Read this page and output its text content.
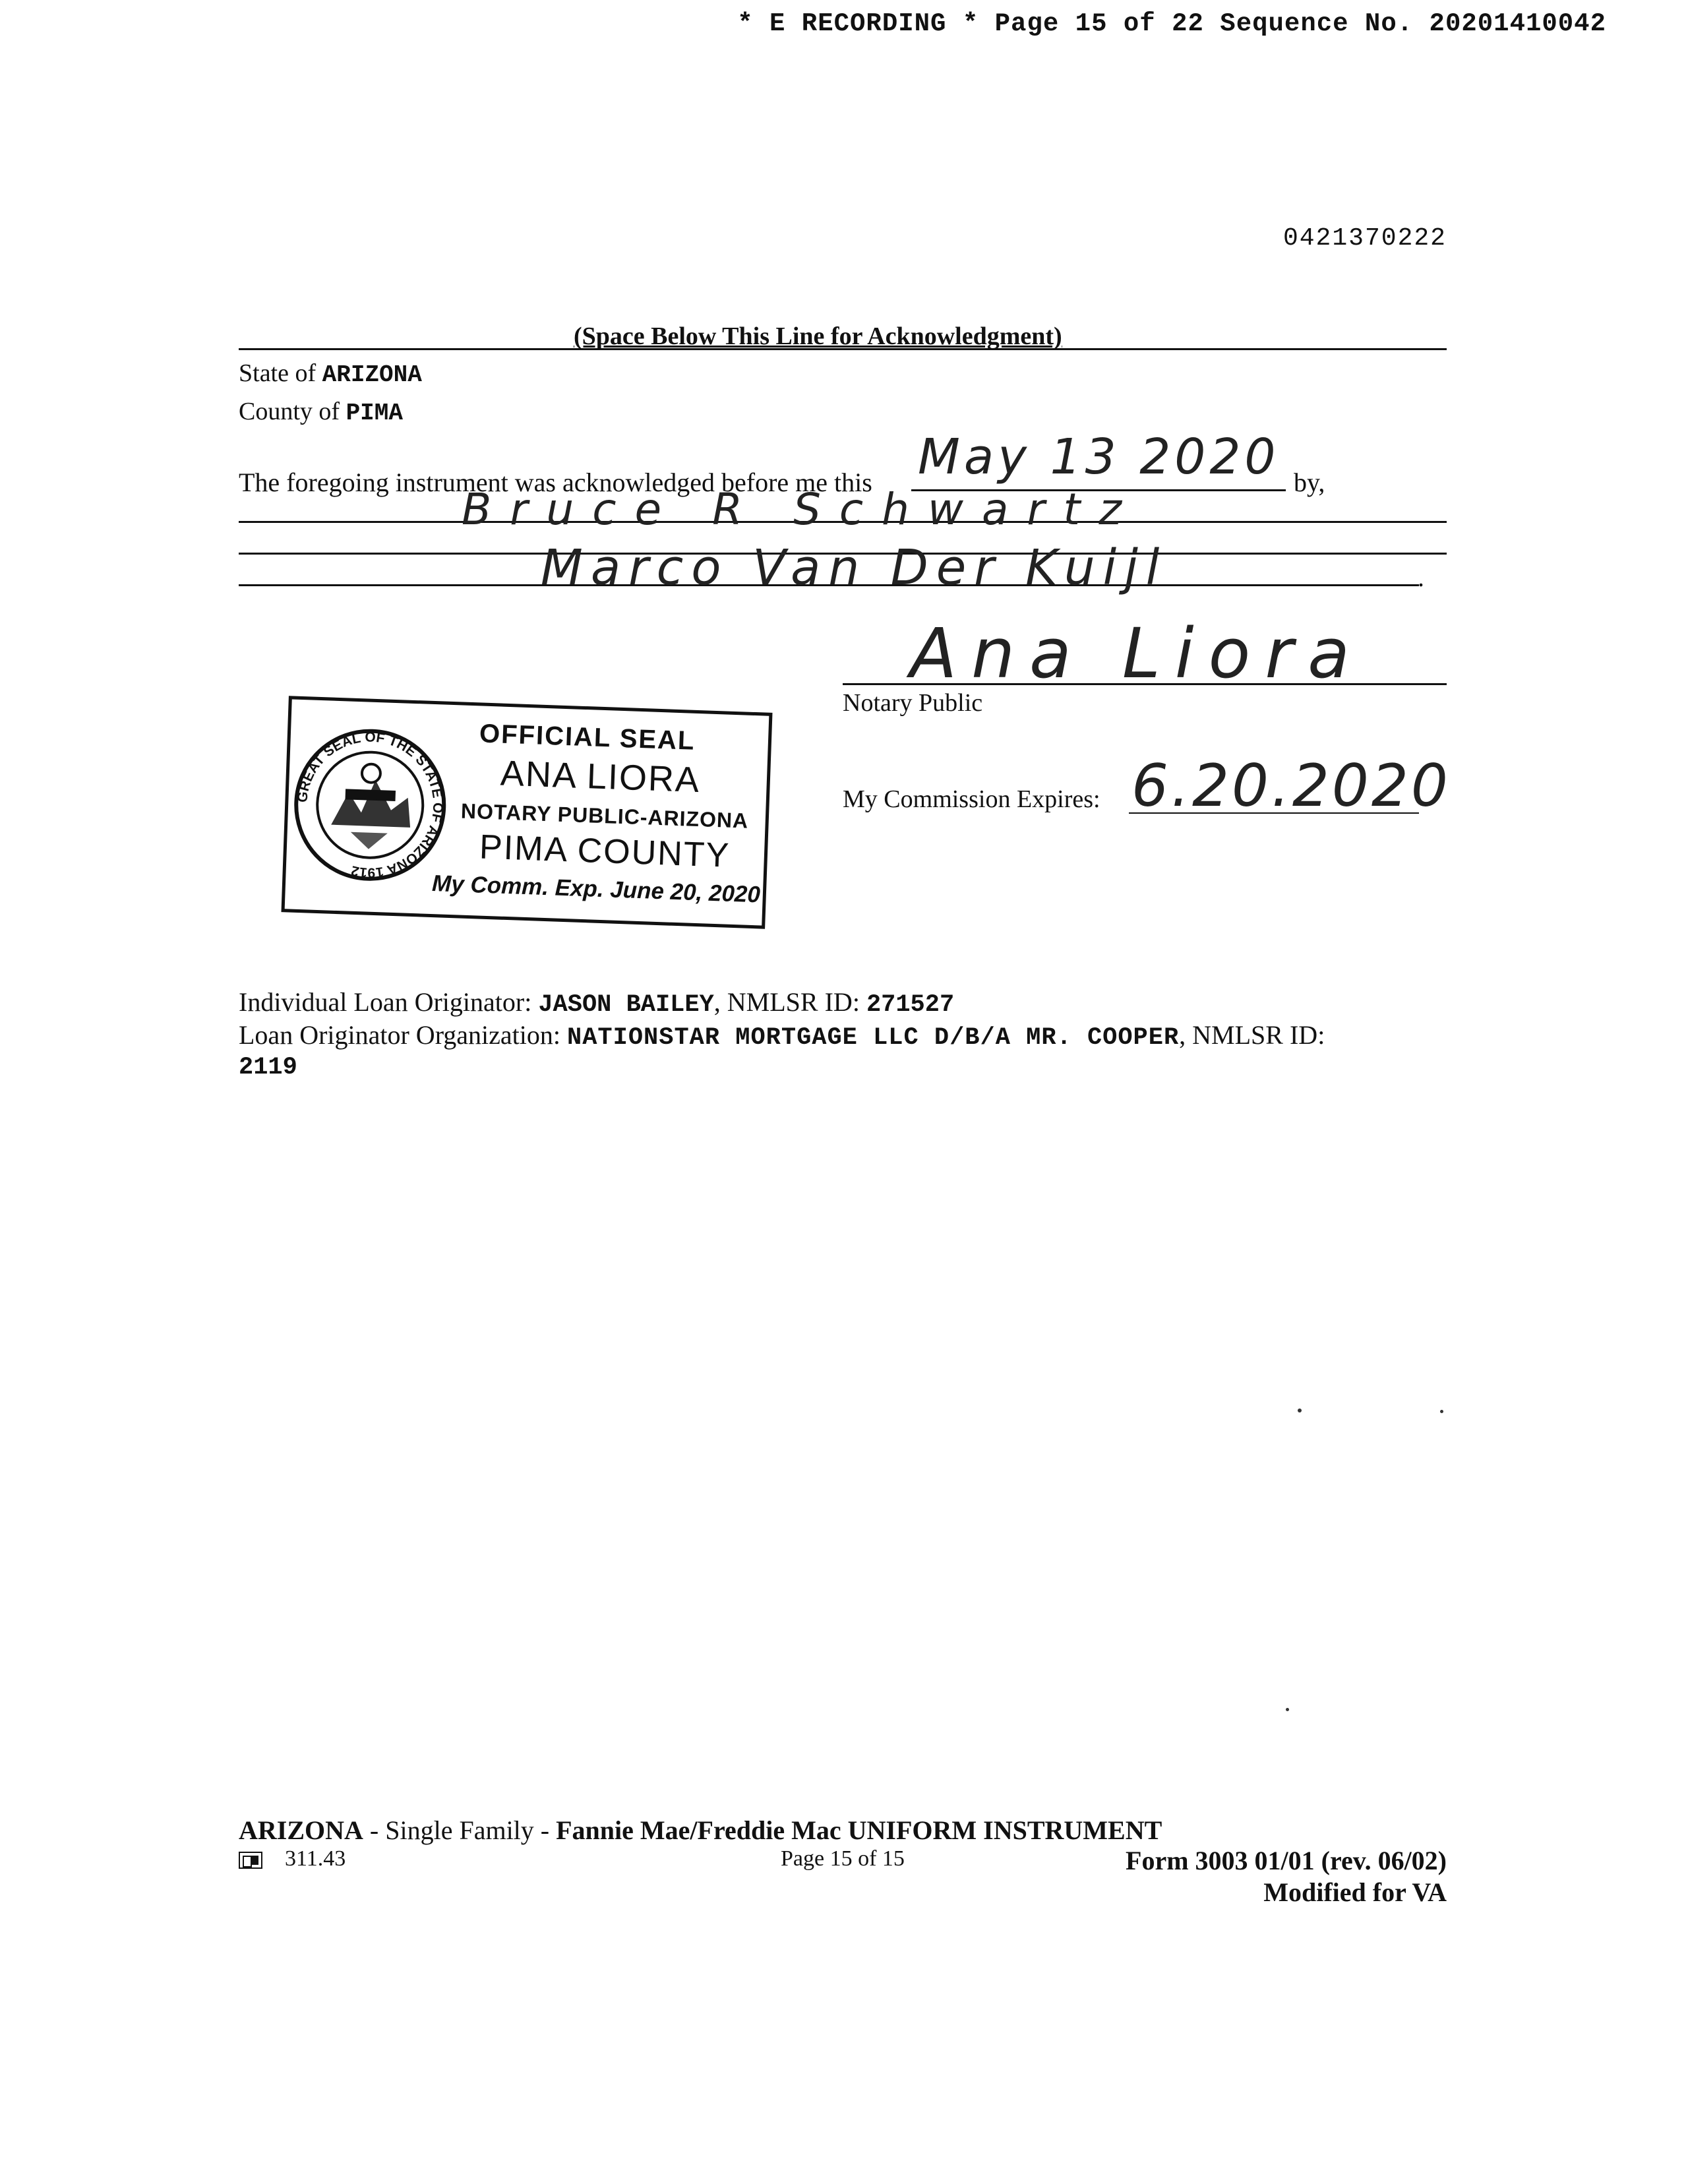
* E RECORDING * Page 15 of 22 Sequence No. 20201410042
0421370222
(Space Below This Line for Acknowledgment)
State of ARIZONA
County of PIMA
The foregoing instrument was acknowledged before me this May 13 2020 by,
Bruce R Schwartz
Marco Van Der Kuijl	.
Ana Liora
Notary Public
My Commission Expires: 6.20.2020
GREAT SEAL OF THE STATE OF ARIZONA 1912
OFFICIAL SEAL
ANA LIORA
NOTARY PUBLIC-ARIZONA
PIMA COUNTY
My Comm. Exp. June 20, 2020
Individual Loan Originator: JASON BAILEY, NMLSR ID: 271527
Loan Originator Organization: NATIONSTAR MORTGAGE LLC D/B/A MR. COOPER, NMLSR ID:
2119
ARIZONA - Single Family - Fannie Mae/Freddie Mac UNIFORM INSTRUMENT
311.43	Page 15 of 15	Form 3003 01/01 (rev. 06/02)
Modified for VA
